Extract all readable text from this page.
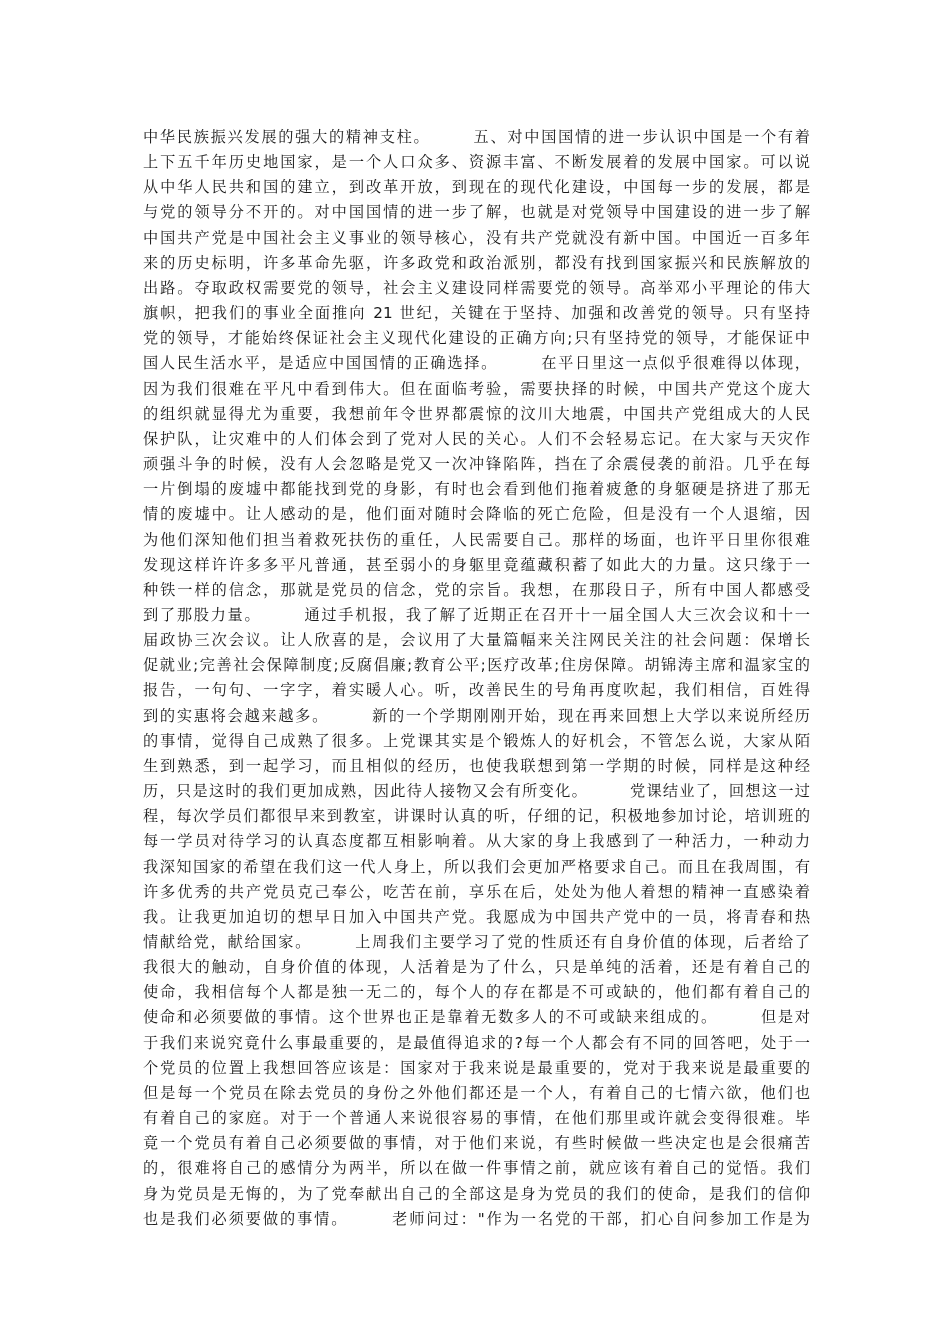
中华民族振兴发展的强大的精神支柱。　　　五、对中国国情的进一步认识中国是一个有着
上下五千年历史地国家，是一个人口众多、资源丰富、不断发展着的发展中国家。可以说
从中华人民共和国的建立，到改革开放，到现在的现代化建设，中国每一步的发展，都是
与党的领导分不开的。对中国国情的进一步了解，也就是对党领导中国建设的进一步了解
中国共产党是中国社会主义事业的领导核心，没有共产党就没有新中国。中国近一百多年
来的历史标明，许多革命先驱，许多政党和政治派别，都没有找到国家振兴和民族解放的
出路。夺取政权需要党的领导，社会主义建设同样需要党的领导。高举邓小平理论的伟大
旗帜，把我们的事业全面推向 21 世纪，关键在于坚持、加强和改善党的领导。只有坚持
党的领导，才能始终保证社会主义现代化建设的正确方向;只有坚持党的领导，才能保证中
国人民生活水平，是适应中国国情的正确选择。　　　在平日里这一点似乎很难得以体现，
因为我们很难在平凡中看到伟大。但在面临考验，需要抉择的时候，中国共产党这个庞大
的组织就显得尤为重要，我想前年令世界都震惊的汶川大地震，中国共产党组成大的人民
保护队，让灾难中的人们体会到了党对人民的关心。人们不会轻易忘记。在大家与天灾作
顽强斗争的时候，没有人会忽略是党又一次冲锋陷阵，挡在了余震侵袭的前沿。几乎在每
一片倒塌的废墟中都能找到党的身影，有时也会看到他们拖着疲惫的身躯硬是挤进了那无
情的废墟中。让人感动的是，他们面对随时会降临的死亡危险，但是没有一个人退缩，因
为他们深知他们担当着救死扶伤的重任，人民需要自己。那样的场面，也许平日里你很难
发现这样许许多多平凡普通，甚至弱小的身躯里竟蕴藏积蓄了如此大的力量。这只缘于一
种铁一样的信念，那就是党员的信念，党的宗旨。我想，在那段日子，所有中国人都感受
到了那股力量。　　　通过手机报，我了解了近期正在召开十一届全国人大三次会议和十一
届政协三次会议。让人欣喜的是，会议用了大量篇幅来关注网民关注的社会问题：保增长
促就业;完善社会保障制度;反腐倡廉;教育公平;医疗改革;住房保障。胡锦涛主席和温家宝的
报告，一句句、一字字，着实暖人心。听，改善民生的号角再度吹起，我们相信，百姓得
到的实惠将会越来越多。　　　新的一个学期刚刚开始，现在再来回想上大学以来说所经历
的事情，觉得自己成熟了很多。上党课其实是个锻炼人的好机会，不管怎么说，大家从陌
生到熟悉，到一起学习，而且相似的经历，也使我联想到第一学期的时候，同样是这种经
历，只是这时的我们更加成熟，因此待人接物又会有所变化。　　　党课结业了，回想这一过
程，每次学员们都很早来到教室，讲课时认真的听，仔细的记，积极地参加讨论，培训班的
每一学员对待学习的认真态度都互相影响着。从大家的身上我感到了一种活力，一种动力
我深知国家的希望在我们这一代人身上，所以我们会更加严格要求自己。而且在我周围，有
许多优秀的共产党员克己奉公，吃苦在前，享乐在后，处处为他人着想的精神一直感染着
我。让我更加迫切的想早日加入中国共产党。我愿成为中国共产党中的一员，将青春和热
情献给党，献给国家。　　　上周我们主要学习了党的性质还有自身价值的体现，后者给了
我很大的触动，自身价值的体现，人活着是为了什么，只是单纯的活着，还是有着自己的
使命，我相信每个人都是独一无二的，每个人的存在都是不可或缺的，他们都有着自己的
使命和必须要做的事情。这个世界也正是靠着无数多人的不可或缺来组成的。　　　但是对
于我们来说究竟什么事最重要的，是最值得追求的?每一个人都会有不同的回答吧，处于一
个党员的位置上我想回答应该是：国家对于我来说是最重要的，党对于我来说是最重要的
但是每一个党员在除去党员的身份之外他们都还是一个人，有着自己的七情六欲，他们也
有着自己的家庭。对于一个普通人来说很容易的事情，在他们那里或许就会变得很难。毕
竟一个党员有着自己必须要做的事情，对于他们来说，有些时候做一些决定也是会很痛苦
的，很难将自己的感情分为两半，所以在做一件事情之前，就应该有着自己的觉悟。我们
身为党员是无悔的，为了党奉献出自己的全部这是身为党员的我们的使命，是我们的信仰
也是我们必须要做的事情。　　　老师问过："作为一名党的干部，扪心自问参加工作是为
